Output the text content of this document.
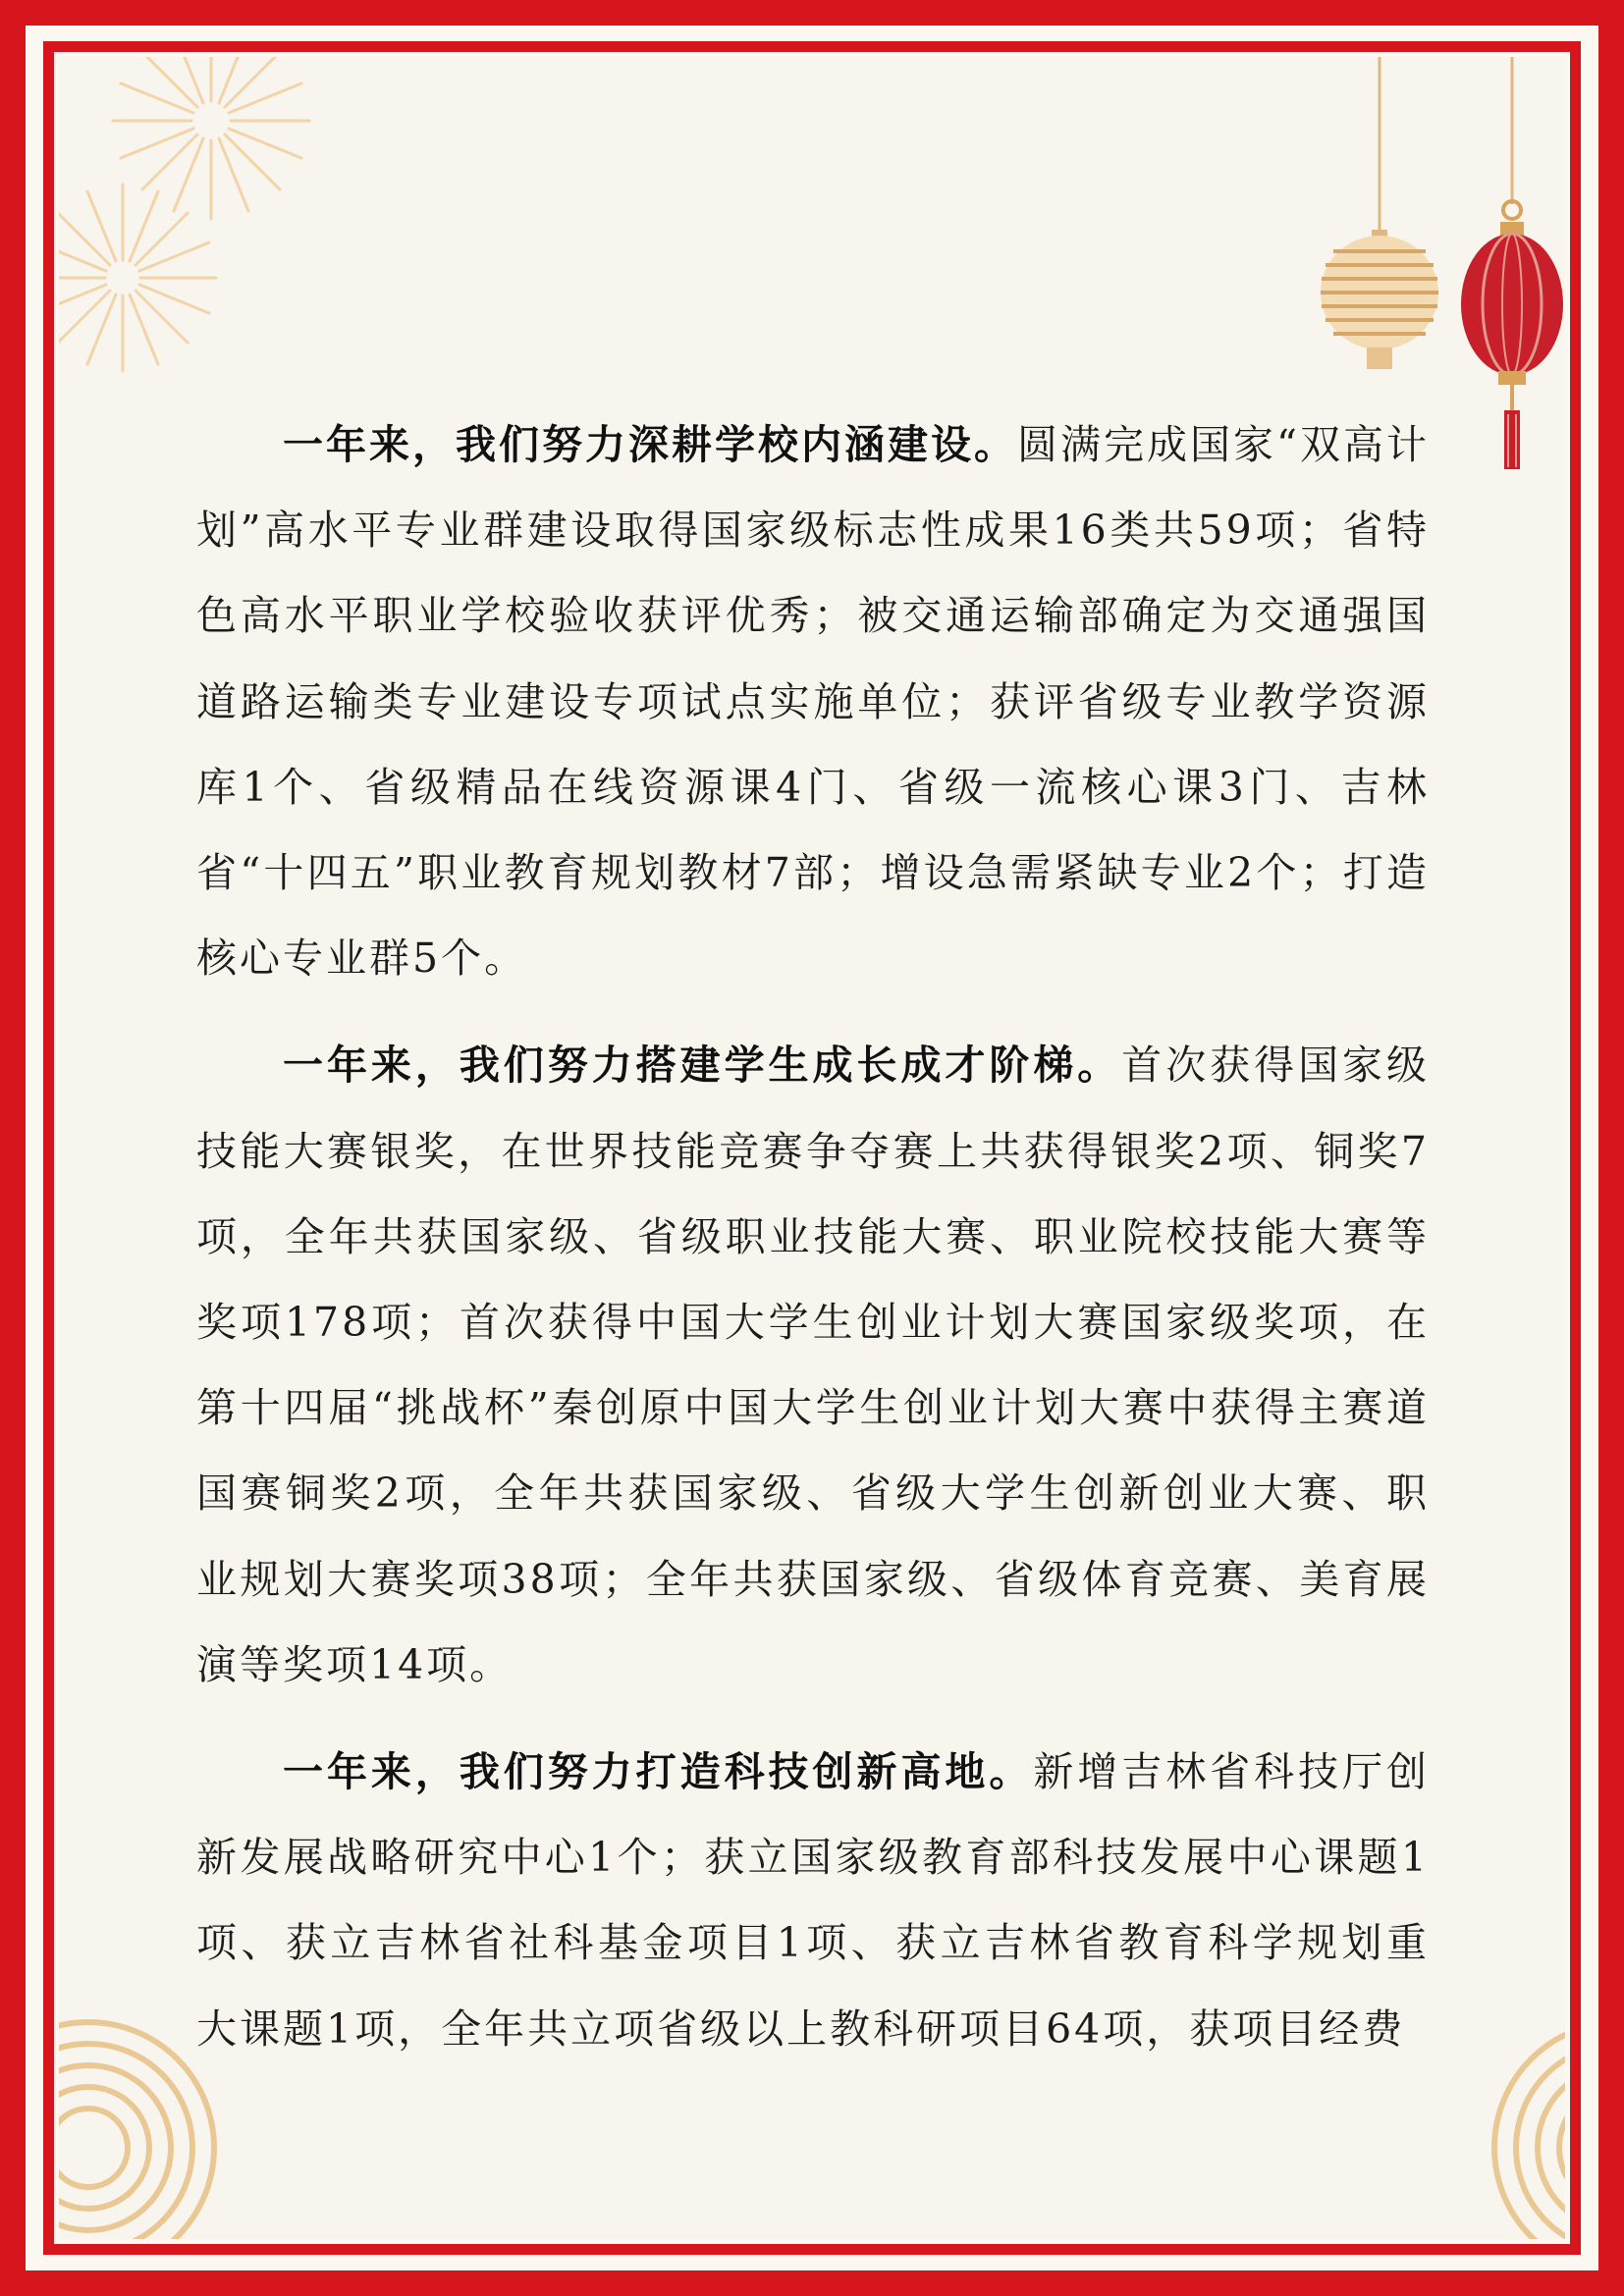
一年来，我们努力深耕学校内涵建设。圆满完成国家“双高计划”高水平专业群建设取得国家级标志性成果16类共59项；省特色高水平职业学校验收获评优秀；被交通运输部确定为交通强国道路运输类专业建设专项试点实施单位；获评省级专业教学资源库1个、省级精品在线资源课4门、省级一流核心课3门、吉林省“十四五”职业教育规划教材7部；增设急需紧缺专业2个；打造核心专业群5个。

一年来，我们努力搭建学生成长成才阶梯。首次获得国家级技能大赛银奖，在世界技能竞赛争夺赛上共获得银奖2项、铜奖7项，全年共获国家级、省级职业技能大赛、职业院校技能大赛等奖项178项；首次获得中国大学生创业计划大赛国家级奖项，在第十四届“挑战杯”秦创原中国大学生创业计划大赛中获得主赛道国赛铜奖2项，全年共获国家级、省级大学生创新创业大赛、职业规划大赛奖项38项；全年共获国家级、省级体育竞赛、美育展演等奖项14项。

一年来，我们努力打造科技创新高地。新增吉林省科技厅创新发展战略研究中心1个；获立国家级教育部科技发展中心课题1项、获立吉林省社科基金项目1项、获立吉林省教育科学规划重大课题1项，全年共立项省级以上教科研项目64项，获项目经费
